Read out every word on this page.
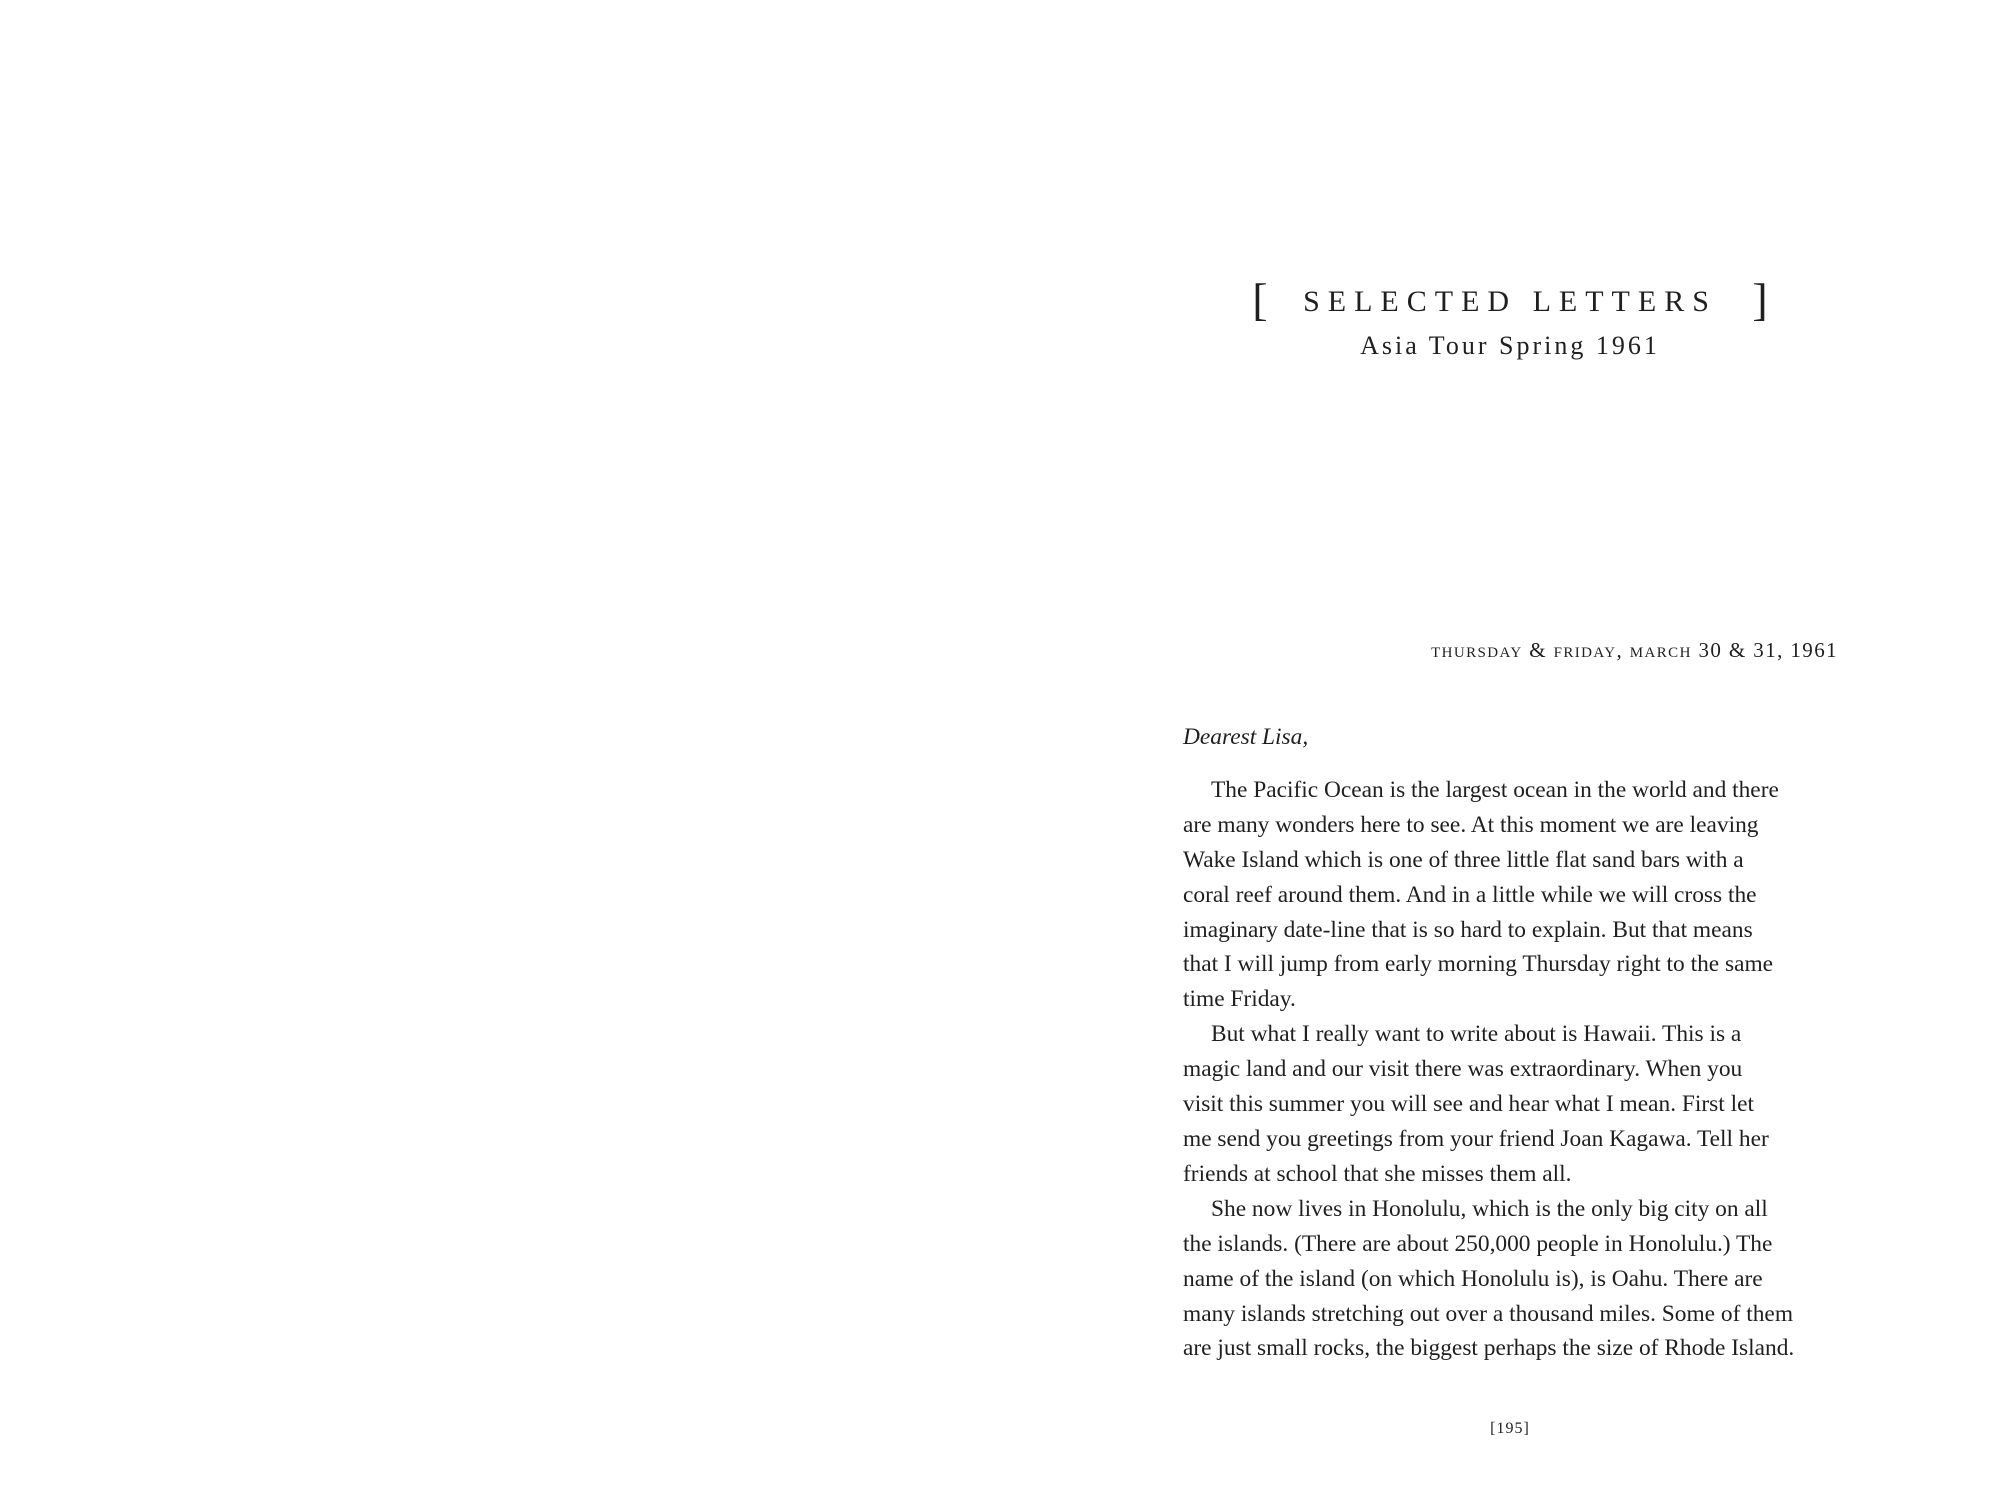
[ SELECTED LETTERS ]
Asia Tour Spring 1961
thursday & friday, march 30 & 31, 1961
Dearest Lisa,

The Pacific Ocean is the largest ocean in the world and there
are many wonders here to see. At this moment we are leaving
Wake Island which is one of three little flat sand bars with a
coral reef around them. And in a little while we will cross the
imaginary date-line that is so hard to explain. But that means
that I will jump from early morning Thursday right to the same
time Friday.

But what I really want to write about is Hawaii. This is a
magic land and our visit there was extraordinary. When you
visit this summer you will see and hear what I mean. First let
me send you greetings from your friend Joan Kagawa. Tell her
friends at school that she misses them all.

She now lives in Honolulu, which is the only big city on all
the islands. (There are about 250,000 people in Honolulu.) The
name of the island (on which Honolulu is), is Oahu. There are
many islands stretching out over a thousand miles. Some of them
are just small rocks, the biggest perhaps the size of Rhode Island.

[195]
